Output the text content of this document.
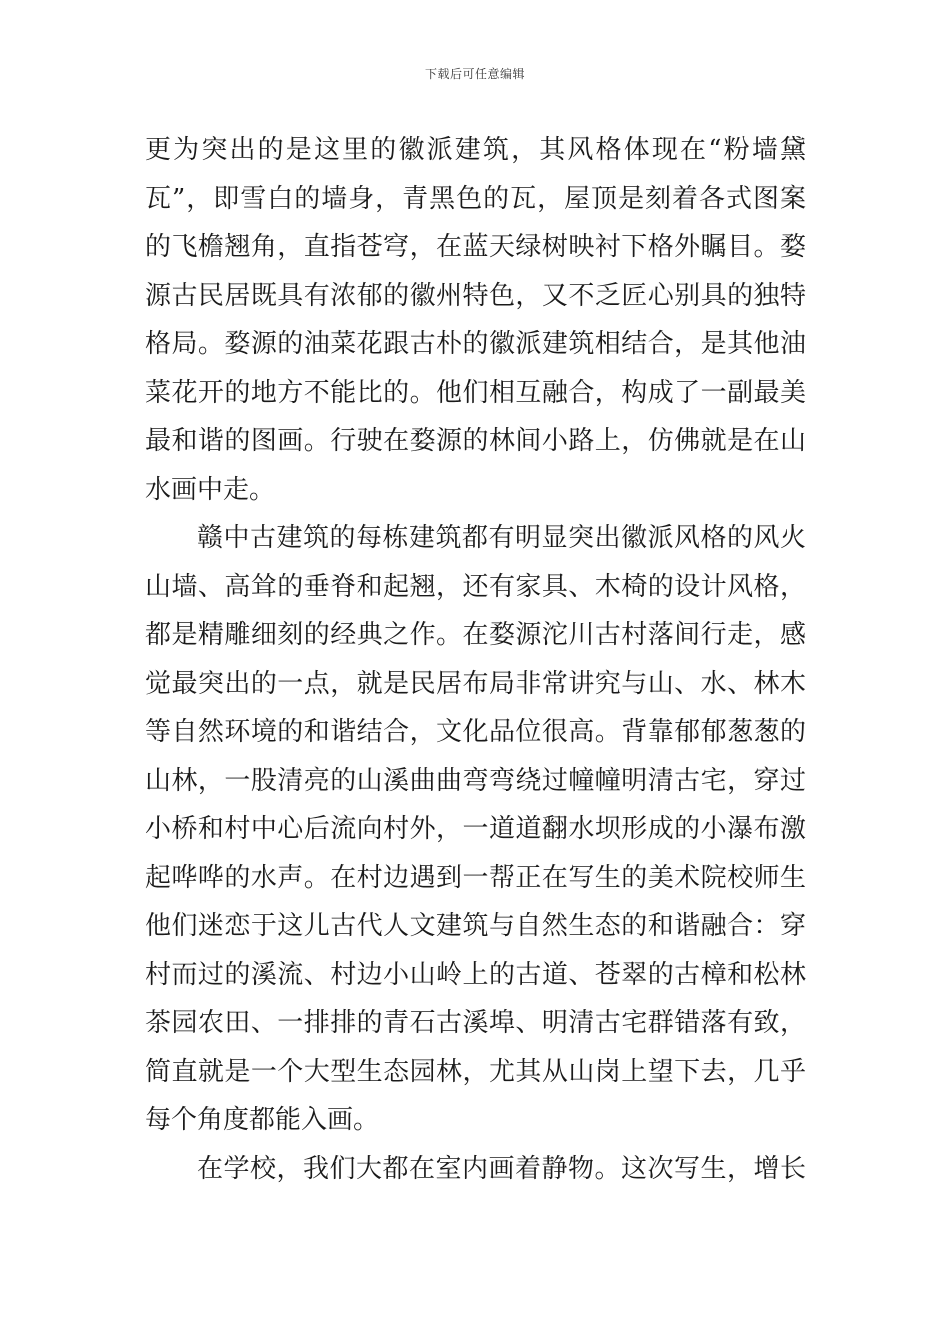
下载后可任意编辑
更为突出的是这里的徽派建筑，其风格体现在“粉墙黛
瓦”，即雪白的墙身，青黑色的瓦，屋顶是刻着各式图案
的飞檐翘角，直指苍穹，在蓝天绿树映衬下格外瞩目。婺
源古民居既具有浓郁的徽州特色，又不乏匠心别具的独特
格局。婺源的油菜花跟古朴的徽派建筑相结合，是其他油
菜花开的地方不能比的。他们相互融合，构成了一副最美
最和谐的图画。行驶在婺源的林间小路上，仿佛就是在山
水画中走。
赣中古建筑的每栋建筑都有明显突出徽派风格的风火
山墙、高耸的垂脊和起翘，还有家具、木椅的设计风格，
都是精雕细刻的经典之作。在婺源沱川古村落间行走，感
觉最突出的一点，就是民居布局非常讲究与山、水、林木
等自然环境的和谐结合，文化品位很高。背靠郁郁葱葱的
山林，一股清亮的山溪曲曲弯弯绕过幢幢明清古宅，穿过
小桥和村中心后流向村外，一道道翻水坝形成的小瀑布激
起哗哗的水声。在村边遇到一帮正在写生的美术院校师生
他们迷恋于这儿古代人文建筑与自然生态的和谐融合：穿
村而过的溪流、村边小山岭上的古道、苍翠的古樟和松林
茶园农田、一排排的青石古溪埠、明清古宅群错落有致，
简直就是一个大型生态园林，尤其从山岗上望下去，几乎
每个角度都能入画。
在学校，我们大都在室内画着静物。这次写生，增长
